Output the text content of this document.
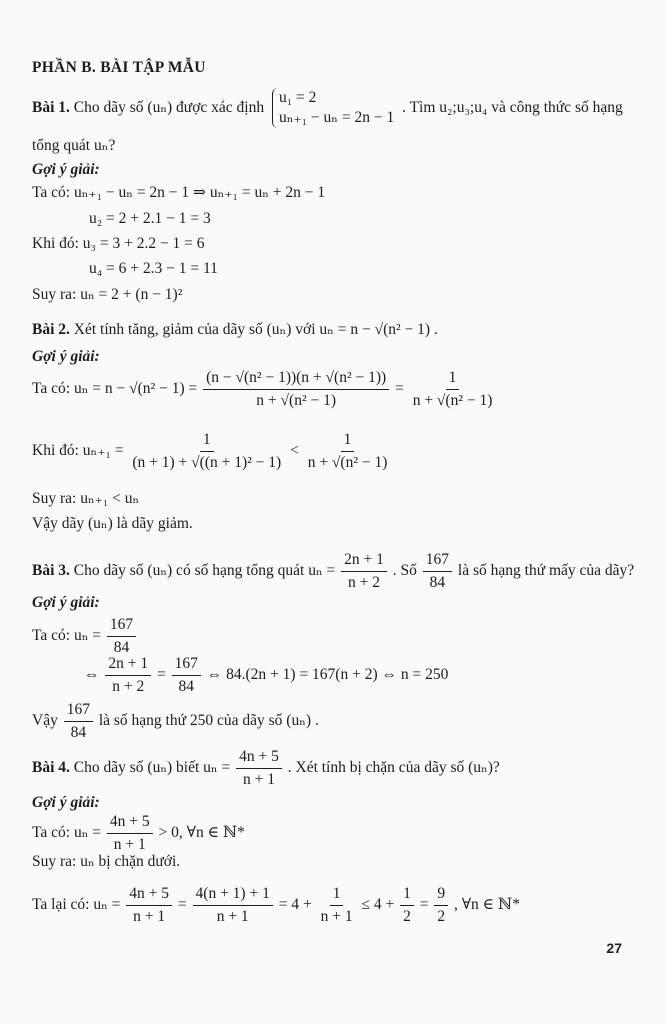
PHẦN B. BÀI TẬP MẪU
Bài 1. Cho dãy số (uₙ) được xác định
u₁ = 2
uₙ₊₁ − uₙ = 2n − 1
. Tìm u₂;u₃;u₄ và công thức số hạng
tổng quát uₙ?
Gợi ý giải:
Ta có: uₙ₊₁ − uₙ = 2n − 1 ⇒ uₙ₊₁ = uₙ + 2n − 1
u₂ = 2 + 2.1 − 1 = 3
Khi đó: u₃ = 3 + 2.2 − 1 = 6
u₄ = 6 + 2.3 − 1 = 11
Suy ra: uₙ = 2 + (n − 1)²
Bài 2. Xét tính tăng, giảm của dãy số (uₙ) với uₙ = n − √(n² − 1) .
Gợi ý giải:
Ta có: $u_n = n - √(n^2 - 1) = \frac{\text{(n − √(n² − 1))(n + √(n² − 1))}}{\text{n + √(n² − 1)}} = \frac{1}{\text{n + √(n² − 1)}}$
Khi đó: $u_{n+1} = \frac{1}{\text{(n + 1) + √((n + 1)² − 1)}} < \frac{1}{\text{n + √(n² − 1)}}$
Suy ra: uₙ₊₁ < uₙ
Vậy dãy (uₙ) là dãy giảm.
Bài 3. Cho dãy số (uₙ) có số hạng tổng quát $u_n = \frac{2n + 1}{n + 2}$ . Số $\frac{167}{84}$ là số hạng thứ mấy của dãy?
Gợi ý giải:
Ta có: $u_n = \frac{167}{84}$
⇔ $\frac{2n + 1}{n + 2} = \frac{167}{84}$ ⇔ 84.(2n + 1) = 167(n + 2) ⇔ n = 250
Vậy $\frac{167}{84}$ là số hạng thứ 250 của dãy số (uₙ) .
Bài 4. Cho dãy số (uₙ) biết $u_n = \frac{4n + 5}{n + 1}$ . Xét tính bị chặn của dãy số (uₙ)?
Gợi ý giải:
Ta có: $u_n = \frac{4n + 5}{n + 1} > 0$, ∀n ∈ ℕ*
Suy ra: uₙ bị chặn dưới.
Ta lại có: $u_n = \frac{4n + 5}{n + 1} = \frac{4(n + 1) + 1}{n + 1} = 4 + \frac{1}{n + 1} \le 4 + \frac{1}{2} = \frac{9}{2}$ , ∀n ∈ ℕ*
27
